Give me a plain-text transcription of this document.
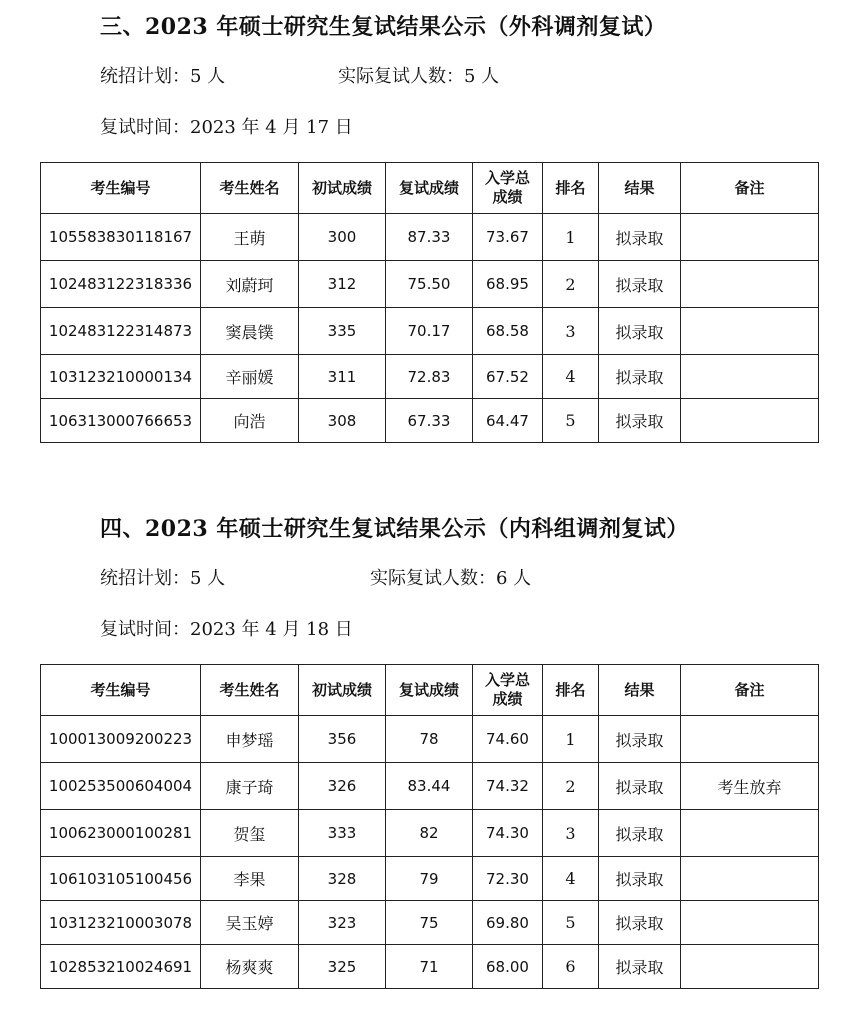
三、2023 年硕士研究生复试结果公示（外科调剂复试）
统招计划：5 人	实际复试人数：5 人
复试时间：2023 年 4 月 17 日
考生编号	考生姓名	初试成绩	复试成绩	入学总成绩	排名	结果	备注
105583830118167	王萌	300	87.33	73.67	1	拟录取	
102483122318336	刘蔚珂	312	75.50	68.95	2	拟录取	
102483122314873	窦晨镤	335	70.17	68.58	3	拟录取	
103123210000134	辛丽媛	311	72.83	67.52	4	拟录取	
106313000766653	向浩	308	67.33	64.47	5	拟录取	
四、2023 年硕士研究生复试结果公示（内科组调剂复试）
统招计划：5 人	实际复试人数：6 人
复试时间：2023 年 4 月 18 日
考生编号	考生姓名	初试成绩	复试成绩	入学总成绩	排名	结果	备注
100013009200223	申梦瑶	356	78	74.60	1	拟录取	
100253500604004	康子琦	326	83.44	74.32	2	拟录取	考生放弃
100623000100281	贺玺	333	82	74.30	3	拟录取	
106103105100456	李果	328	79	72.30	4	拟录取	
103123210003078	吴玉婷	323	75	69.80	5	拟录取	
102853210024691	杨爽爽	325	71	68.00	6	拟录取	
